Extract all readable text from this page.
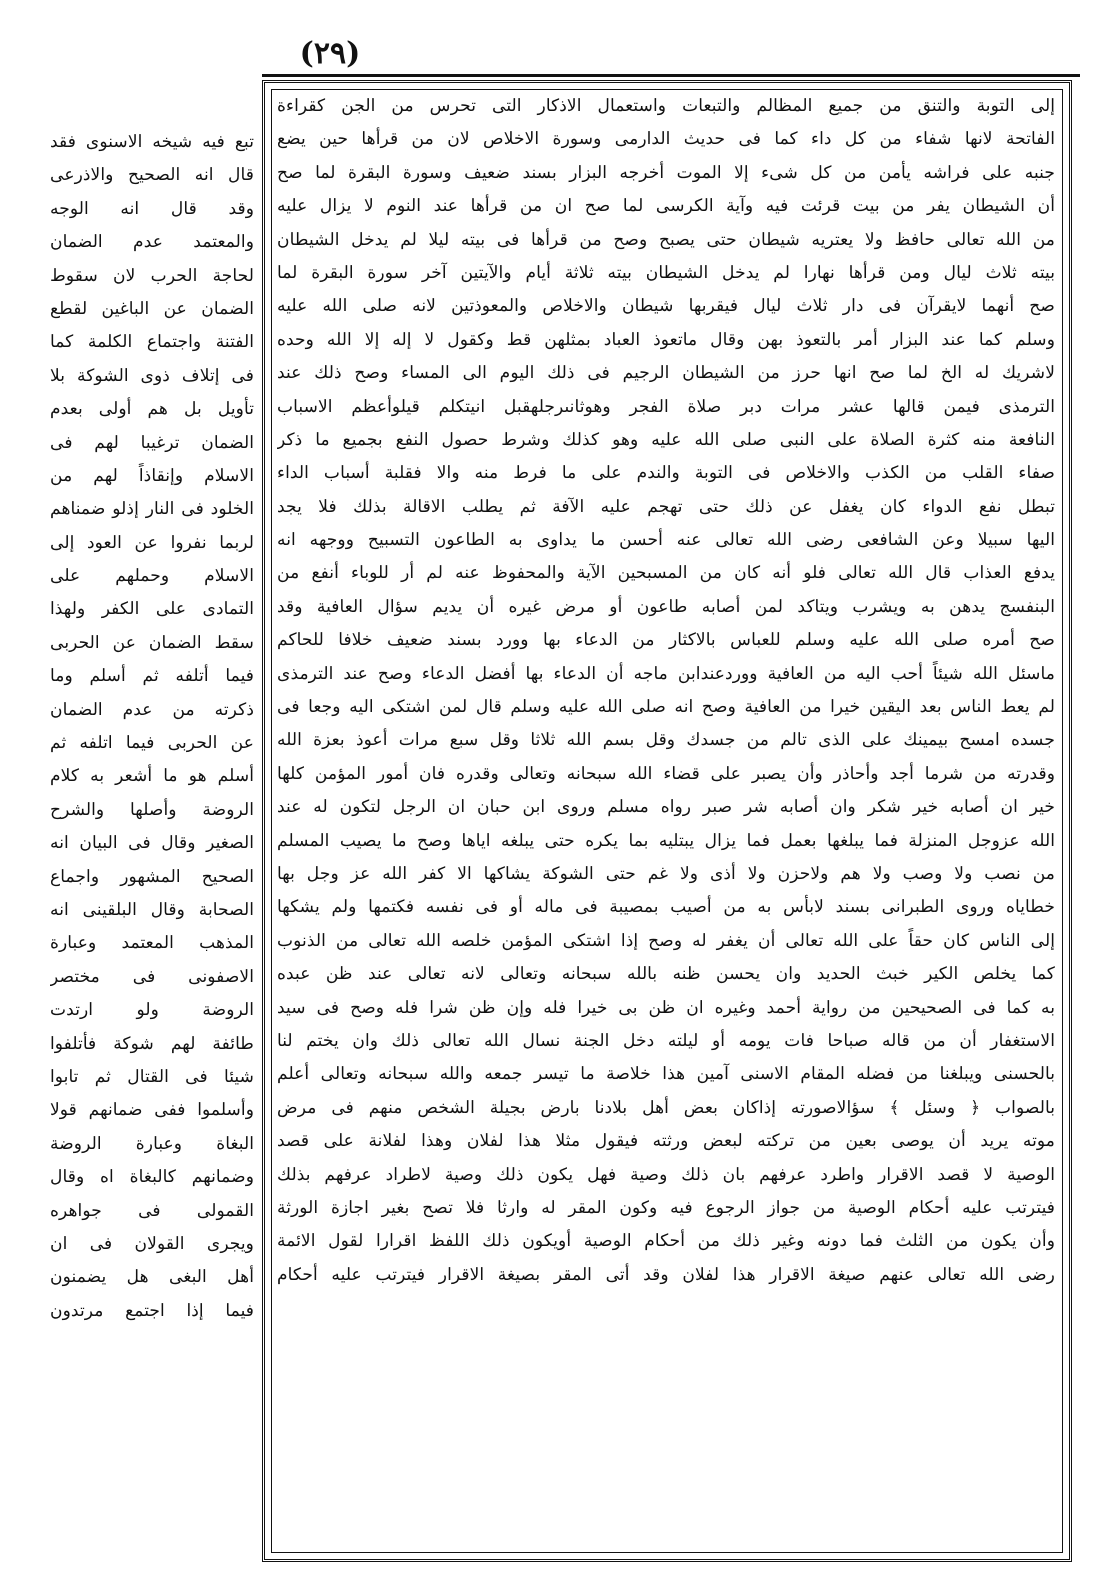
(٢٩)
إلى التوبة والتنق من جميع المظالم والتبعات واستعمال الاذكار التى تحرس من الجن كقراءة
الفاتحة لانها شفاء من كل داء كما فى حديث الدارمى وسورة الاخلاص لان من قرأها حين يضع
جنبه على فراشه يأمن من كل شىء إلا الموت أخرجه البزار بسند ضعيف وسورة البقرة لما صح
أن الشيطان يفر من بيت قرئت فيه وآية الكرسى لما صح ان من قرأها عند النوم لا يزال عليه
من الله تعالى حافظ ولا يعتريه شيطان حتى يصبح وصح من قرأها فى بيته ليلا لم يدخل الشيطان
بيته ثلاث ليال ومن قرأها نهارا لم يدخل الشيطان بيته ثلاثة أيام والآيتين آخر سورة البقرة لما
صح أنهما لايقرآن فى دار ثلاث ليال فيقربها شيطان والاخلاص والمعوذتين لانه صلى الله عليه
وسلم كما عند البزار أمر بالتعوذ بهن وقال ماتعوذ العباد بمثلهن قط وكقول لا إله إلا الله وحده
لاشريك له الخ لما صح انها حرز من الشيطان الرجيم فى ذلك اليوم الى المساء وصح ذلك عند
الترمذى فيمن قالها عشر مرات دبر صلاة الفجر وهوثانىرجلهقبل انيتكلم قيلوأعظم الاسباب
النافعة منه كثرة الصلاة على النبى صلى الله عليه وهو كذلك وشرط حصول النفع بجميع ما ذكر
صفاء القلب من الكذب والاخلاص فى التوبة والندم على ما فرط منه والا فقلبة أسباب الداء
تبطل نفع الدواء كان يغفل عن ذلك حتى تهجم عليه الآفة ثم يطلب الاقالة بذلك فلا يجد
اليها سبيلا وعن الشافعى رضى الله تعالى عنه أحسن ما يداوى به الطاعون التسبيح ووجهه انه
يدفع العذاب قال الله تعالى فلو أنه كان من المسبحين الآية والمحفوظ عنه لم أر للوباء أنفع من
البنفسج يدهن به ويشرب ويتاكد لمن أصابه طاعون أو مرض غيره أن يديم سؤال العافية وقد
صح أمره صلى الله عليه وسلم للعباس بالاكثار من الدعاء بها وورد بسند ضعيف خلافا للحاكم
ماسئل الله شيئاً أحب اليه من العافية ووردعندابن ماجه أن الدعاء بها أفضل الدعاء وصح عند الترمذى
لم يعط الناس بعد اليقين خيرا من العافية وصح انه صلى الله عليه وسلم قال لمن اشتكى اليه وجعا فى
جسده امسح بيمينك على الذى تالم من جسدك وقل بسم الله ثلاثا وقل سبع مرات أعوذ بعزة الله
وقدرته من شرما أجد وأحاذر وأن يصبر على قضاء الله سبحانه وتعالى وقدره فان أمور المؤمن كلها
خير ان أصابه خير شكر وان أصابه شر صبر رواه مسلم وروى ابن حبان ان الرجل لتكون له عند
الله عزوجل المنزلة فما يبلغها بعمل فما يزال يبتليه بما يكره حتى يبلغه اياها وصح ما يصيب المسلم
من نصب ولا وصب ولا هم ولاحزن ولا أذى ولا غم حتى الشوكة يشاكها الا كفر الله عز وجل بها
خطاياه وروى الطبرانى بسند لابأس به من أصيب بمصيبة فى ماله أو فى نفسه فكتمها ولم يشكها
إلى الناس كان حقاً على الله تعالى أن يغفر له وصح إذا اشتكى المؤمن خلصه الله تعالى من الذنوب
كما يخلص الكير خبث الحديد وان يحسن ظنه بالله سبحانه وتعالى لانه تعالى عند ظن عبده
به كما فى الصحيحين من رواية أحمد وغيره ان ظن بى خيرا فله وإن ظن شرا فله وصح فى سيد
الاستغفار أن من قاله صباحا فات يومه أو ليلته دخل الجنة نسال الله تعالى ذلك وان يختم لنا
بالحسنى ويبلغنا من فضله المقام الاسنى آمين هذا خلاصة ما تيسر جمعه والله سبحانه وتعالى أعلم
بالصواب ﴿ وسئل ﴾ سؤالاصورته إذاكان بعض أهل بلادنا بارض بجيلة الشخص منهم فى مرض
موته يريد أن يوصى بعين من تركته لبعض ورثته فيقول مثلا هذا لفلان وهذا لفلانة على قصد
الوصية لا قصد الاقرار واطرد عرفهم بان ذلك وصية فهل يكون ذلك وصية لاطراد عرفهم بذلك
فيترتب عليه أحكام الوصية من جواز الرجوع فيه وكون المقر له وارثا فلا تصح بغير اجازة الورثة
وأن يكون من الثلث فما دونه وغير ذلك من أحكام الوصية أويكون ذلك اللفظ اقرارا لقول الائمة
رضى الله تعالى عنهم صيغة الاقرار هذا لفلان وقد أتى المقر بصيغة الاقرار فيترتب عليه أحكام
تبع فيه شيخه الاسنوى فقد
قال انه الصحيح والاذرعى
وقد قال انه الوجه
والمعتمد عدم الضمان
لحاجة الحرب لان سقوط
الضمان عن الباغين لقطع
الفتنة واجتماع الكلمة كما
فى إتلاف ذوى الشوكة بلا
تأويل بل هم أولى بعدم
الضمان ترغيبا لهم فى
الاسلام وإنقاذاً لهم من
الخلود فى النار إذلو ضمناهم
لربما نفروا عن العود إلى
الاسلام وحملهم على
التمادى على الكفر ولهذا
سقط الضمان عن الحربى
فيما أتلفه ثم أسلم وما
ذكرته من عدم الضمان
عن الحربى فيما اتلفه ثم
أسلم هو ما أشعر به كلام
الروضة وأصلها والشرح
الصغير وقال فى البيان انه
الصحيح المشهور واجماع
الصحابة وقال البلقينى انه
المذهب المعتمد وعبارة
الاصفونى فى مختصر
الروضة ولو ارتدت
طائفة لهم شوكة فأتلفوا
شيئا فى القتال ثم تابوا
وأسلموا ففى ضمانهم قولا
البغاة وعبارة الروضة
وضمانهم كالبغاة اه وقال
القمولى فى جواهره
ويجرى القولان فى ان
أهل البغى هل يضمنون
فيما إذا اجتمع مرتدون
